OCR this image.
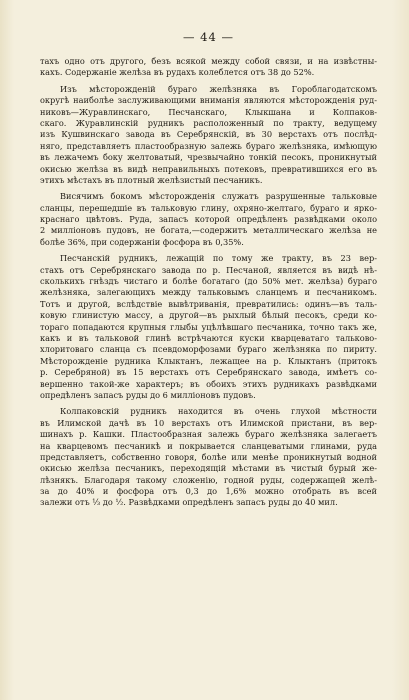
— 44 —
тахъ одно отъ другого, безъ всякой между собой связи, и на извѣстны-
кахъ. Содержаніе желѣза въ рудахъ колеблется отъ 38 до 52%.
Изъ мѣсторожденій бураго желѣзняка въ Гороблагодатскомъ
округѣ наиболѣе заслуживающими вниманія являются мѣсторожденія руд-
никовъ—Журавлинскаго, Песчанскаго, Клыкшана и Колпаков-
скаго. Журавлинскій рудникъ расположенный по тракту, ведущему
изъ Кушвинскаго завода въ Серебрянскій, въ 30 верстахъ отъ послѣд-
няго, представляетъ пластообразную залежь бураго желѣзняка, имѣющую
въ лежачемъ боку желтоватый, чрезвычайно тонкій песокъ, проникнутый
окисью желѣза въ видѣ неправильныхъ потековъ, превратившихся его въ
этихъ мѣстахъ въ плотный желѣзистый песчаникъ.
Висячимъ бокомъ мѣсторожденія служатъ разрушенные тальковые
сланцы, перешедшіе въ тальковую глину, охряно-желтаго, бураго и ярко-
краснаго цвѣтовъ. Руда, запасъ которой опредѣленъ развѣдками около
2 милліоновъ пудовъ, не богата,—содержитъ металлическаго желѣза не
болѣе 36%, при содержаніи фосфора въ 0,35%.
Песчанскій рудникъ, лежащій по тому же тракту, въ 23 вер-
стахъ отъ Серебрянскаго завода по р. Песчаной, является въ видѣ нѣ-
сколькихъ гнѣздъ чистаго и болѣе богатаго (до 50% мет. желѣза) бураго
желѣзняка, залегающихъ между тальковымъ сланцемъ и песчаникомъ.
Тотъ и другой, вслѣдствіе вывѣтриванія, превратились: одинъ—въ таль-
ковую глинистую массу, а другой—въ рыхлый бѣлый песокъ, среди ко-
тораго попадаются крупныя глыбы уцѣлѣвшаго песчаника, точно такъ же,
какъ и въ тальковой глинѣ встрѣчаются куски кварцеватаго тальково-
хлоритоваго сланца съ псевдоморфозами бураго желѣзняка по пириту.
Мѣсторожденіе рудника Клыктанъ, лежащее на р. Клыктанъ (притокъ
р. Серебряной) въ 15 верстахъ отъ Серебрянскаго завода, имѣетъ со-
вершенно такой-же характеръ; въ обоихъ этихъ рудникахъ развѣдками
опредѣленъ запасъ руды до 6 милліоновъ пудовъ.
Колпаковскій рудникъ находится въ очень глухой мѣстности
въ Илимской дачѣ въ 10 верстахъ отъ Илимской пристани, въ вер-
шинахъ р. Кашки. Пластообразная залежь бураго желѣзняка залегаетъ
на кварцевомъ песчаникѣ и покрывается сланцеватыми глинами, руда
представляетъ, собственно говоря, болѣе или менѣе проникнутый водной
окисью желѣза песчаникъ, переходящій мѣстами въ чистый бурый же-
лѣзнякъ. Благодаря такому сложенію, годной руды, содержащей желѣ-
за до 40% и фосфора отъ 0,3 до 1,6% можно отобрать въ всей
залежи отъ ⅓ до ½. Развѣдками опредѣленъ запасъ руды до 40 мил.
